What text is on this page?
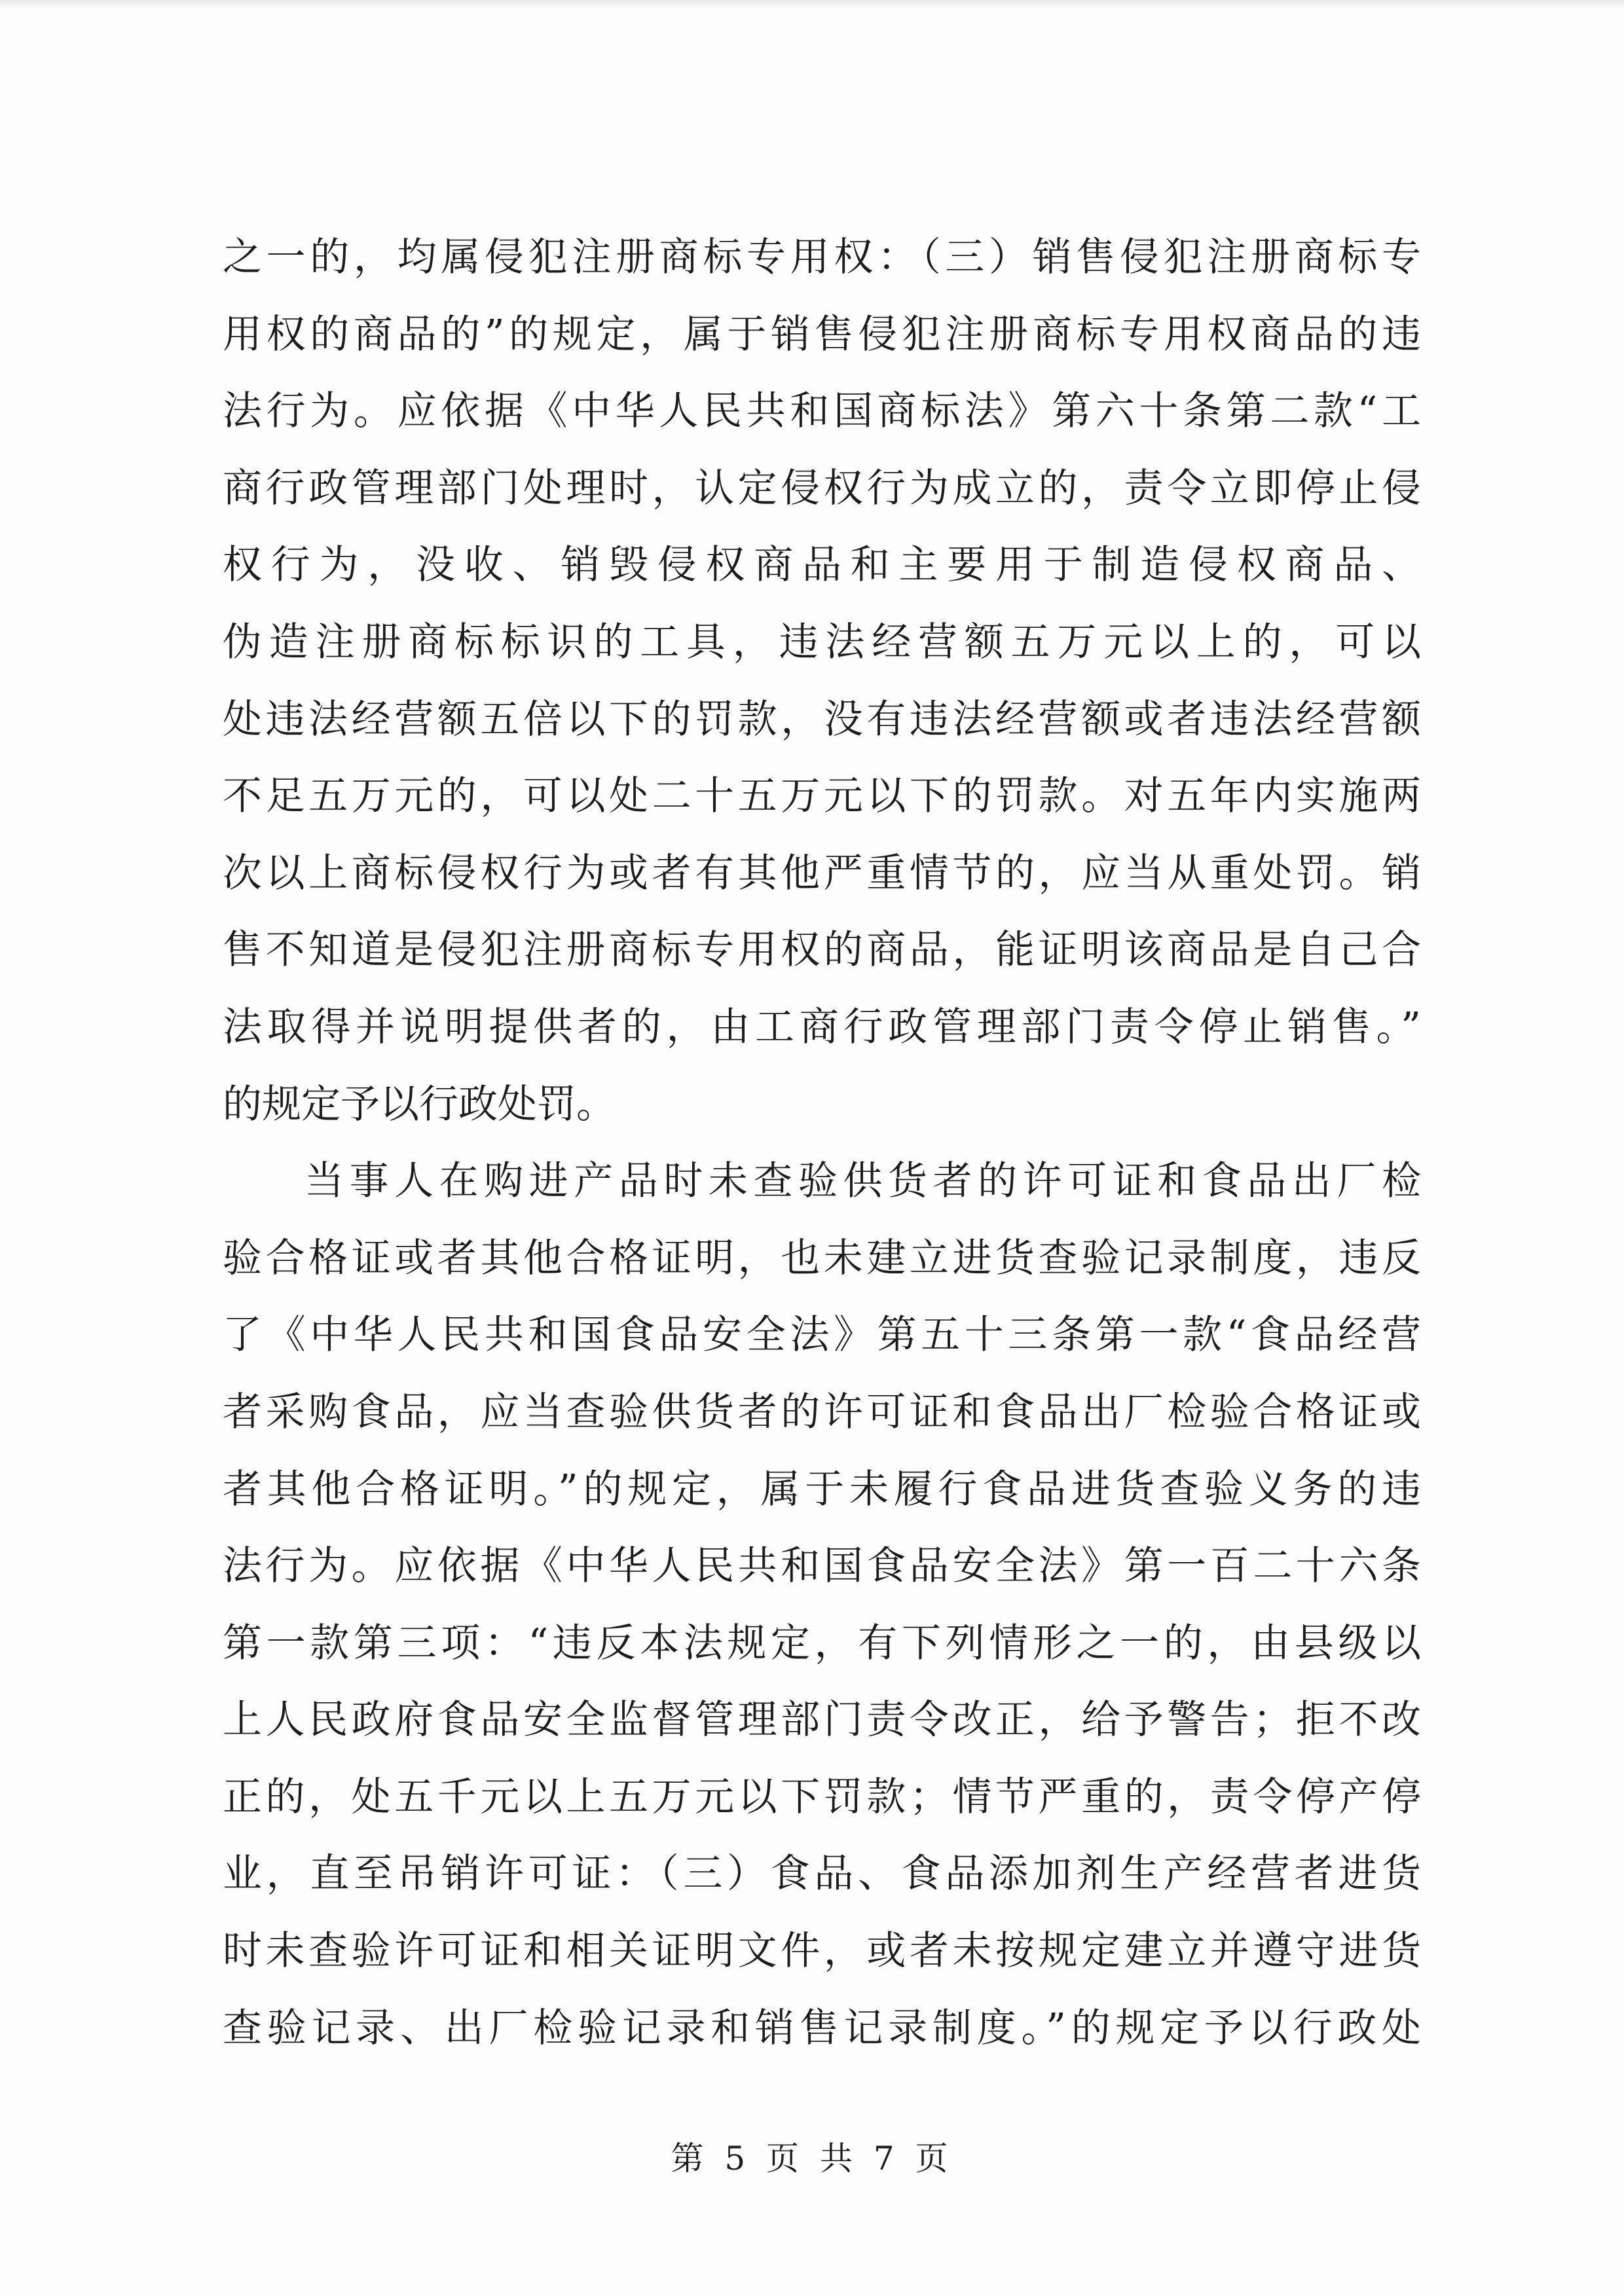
之一的，均属侵犯注册商标专用权：（三）销售侵犯注册商标专
用权的商品的”的规定，属于销售侵犯注册商标专用权商品的违
法行为。应依据《中华人民共和国商标法》第六十条第二款“工
商行政管理部门处理时，认定侵权行为成立的，责令立即停止侵
权行为，没收、销毁侵权商品和主要用于制造侵权商品、
伪造注册商标标识的工具，违法经营额五万元以上的，可以
处违法经营额五倍以下的罚款，没有违法经营额或者违法经营额
不足五万元的，可以处二十五万元以下的罚款。对五年内实施两
次以上商标侵权行为或者有其他严重情节的，应当从重处罚。销
售不知道是侵犯注册商标专用权的商品，能证明该商品是自己合
法取得并说明提供者的，由工商行政管理部门责令停止销售。”
的规定予以行政处罚。
当事人在购进产品时未查验供货者的许可证和食品出厂检
验合格证或者其他合格证明，也未建立进货查验记录制度，违反
了《中华人民共和国食品安全法》第五十三条第一款“食品经营
者采购食品，应当查验供货者的许可证和食品出厂检验合格证或
者其他合格证明。”的规定，属于未履行食品进货查验义务的违
法行为。应依据《中华人民共和国食品安全法》第一百二十六条
第一款第三项：“违反本法规定，有下列情形之一的，由县级以
上人民政府食品安全监督管理部门责令改正，给予警告；拒不改
正的，处五千元以上五万元以下罚款；情节严重的，责令停产停
业，直至吊销许可证：（三）食品、食品添加剂生产经营者进货
时未查验许可证和相关证明文件，或者未按规定建立并遵守进货
查验记录、出厂检验记录和销售记录制度。”的规定予以行政处
第 5 页 共 7 页
